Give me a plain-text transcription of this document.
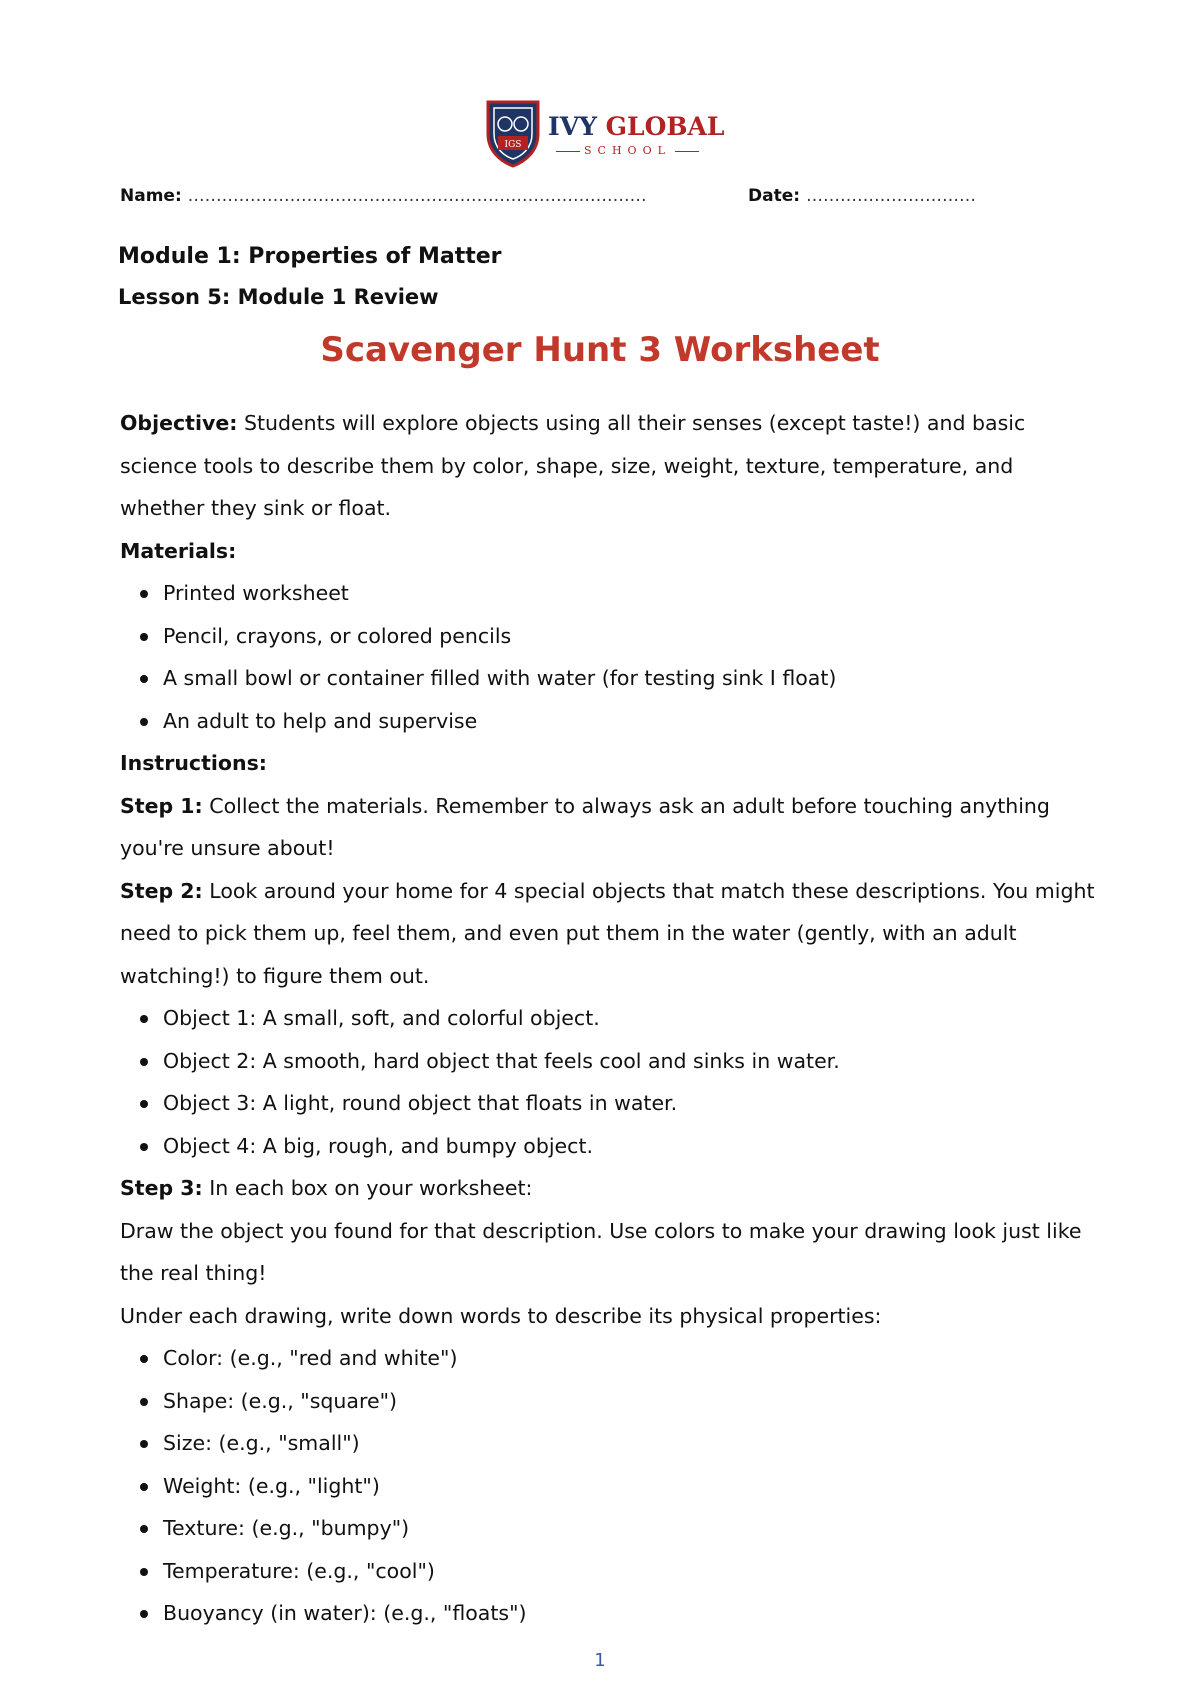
IGS
IVY GLOBAL
SCHOOL
Name: ………………………………………………………………………	Date: …………………………
Module 1: Properties of Matter
Lesson 5: Module 1 Review
Scavenger Hunt 3 Worksheet

Objective: Students will explore objects using all their senses (except taste!) and basic science tools to describe them by color, shape, size, weight, texture, temperature, and whether they sink or float.

Materials:

Printed worksheet
Pencil, crayons, or colored pencils
A small bowl or container filled with water (for testing sink I float)
An adult to help and supervise

Instructions:

Step 1: Collect the materials. Remember to always ask an adult before touching anything you're unsure about!

Step 2: Look around your home for 4 special objects that match these descriptions. You might need to pick them up, feel them, and even put them in the water (gently, with an adult watching!) to figure them out.

Object 1: A small, soft, and colorful object.
Object 2: A smooth, hard object that feels cool and sinks in water.
Object 3: A light, round object that floats in water.
Object 4: A big, rough, and bumpy object.

Step 3: In each box on your worksheet:

Draw the object you found for that description. Use colors to make your drawing look just like the real thing!

Under each drawing, write down words to describe its physical properties:

Color: (e.g., "red and white")
Shape: (e.g., "square")
Size: (e.g., "small")
Weight: (e.g., "light")
Texture: (e.g., "bumpy")
Temperature: (e.g., "cool")
Buoyancy (in water): (e.g., "floats")
1
